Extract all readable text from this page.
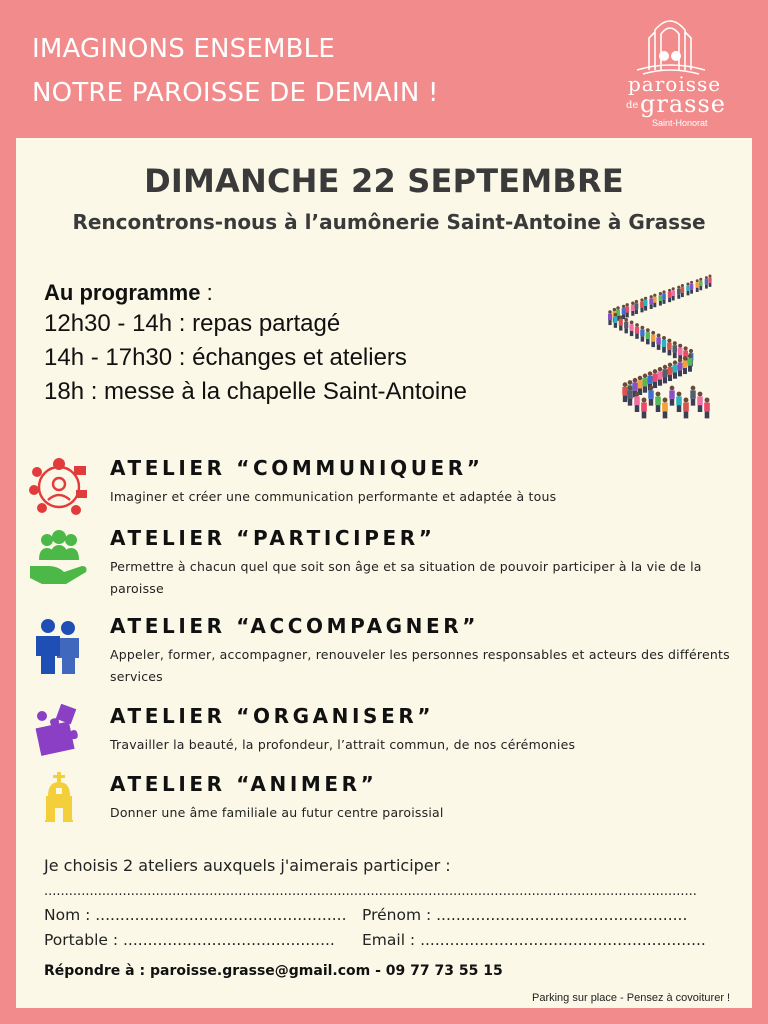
IMAGINONS ENSEMBLE
NOTRE PAROISSE DE DEMAIN !	paroisse
de grasse
Saint-Honorat
DIMANCHE 22 SEPTEMBRE
Rencontrons-nous à l’aumônerie Saint-Antoine à Grasse
Au programme :
12h30 - 14h : repas partagé
14h - 17h30 : échanges et ateliers
18h : messe à la chapelle Saint-Antoine
ATELIER “COMMUNIQUER”
Imaginer et créer une communication performante et adaptée à tous
ATELIER “PARTICIPER”
Permettre à chacun quel que soit son âge et sa situation de pouvoir participer à la vie de la paroisse
ATELIER “ACCOMPAGNER”
Appeler, former, accompagner, renouveler les personnes responsables et acteurs des différents services
ATELIER “ORGANISER”
Travailler la beauté, la profondeur, l’attrait commun, de nos cérémonies
ATELIER “ANIMER”
Donner une âme familiale au futur centre paroissial
Je choisis 2 ateliers auxquels j'aimerais participer :
..............................................................................................................................................................
Nom : ................................................... Prénom : ...................................................
Portable : ...........................................	Email : ..........................................................
Répondre à : paroisse.grasse@gmail.com - 09 77 73 55 15
Parking sur place - Pensez à covoiturer !
